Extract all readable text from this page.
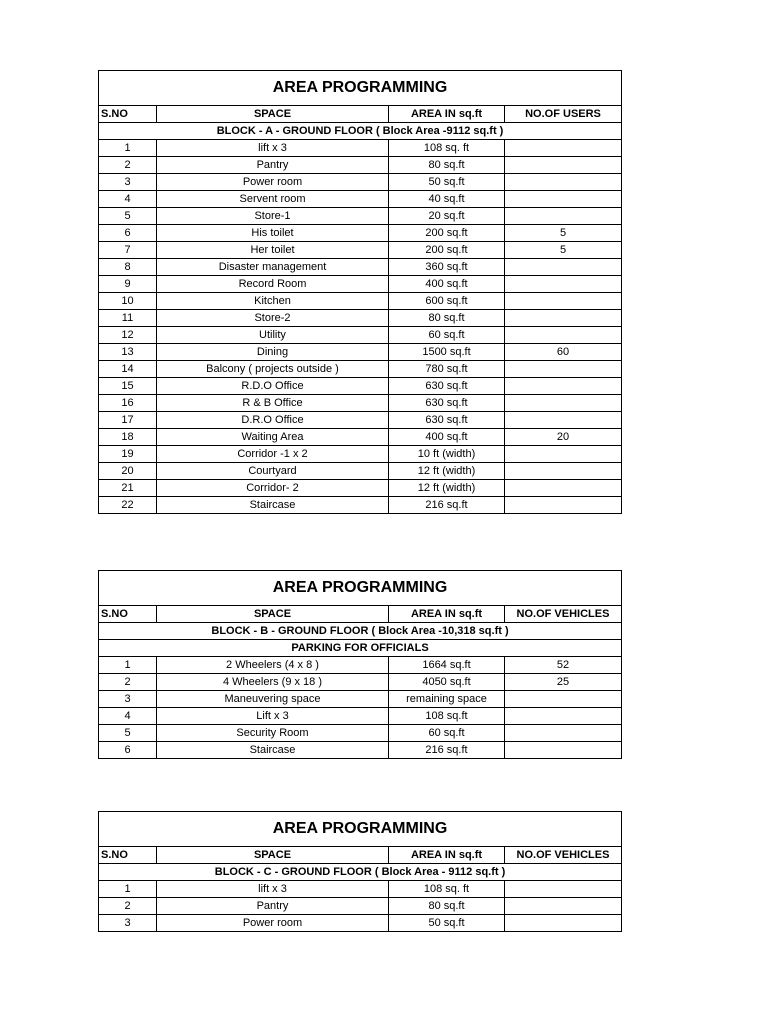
AREA PROGRAMMING			
S.NO	SPACE	AREA IN sq.ft	NO.OF USERS
BLOCK - A - GROUND FLOOR ( Block Area -9112 sq.ft )			
1	lift x 3	108 sq. ft	
2	Pantry	80 sq.ft	
3	Power room	50 sq.ft	
4	Servent room	40 sq.ft	
5	Store-1	20 sq.ft	
6	His toilet	200 sq.ft	5
7	Her toilet	200 sq.ft	5
8	Disaster management	360 sq.ft	
9	Record Room	400 sq.ft	
10	Kitchen	600 sq.ft	
11	Store-2	80 sq.ft	
12	Utility	60 sq.ft	
13	Dining	1500 sq.ft	60
14	Balcony ( projects outside )	780 sq.ft	
15	R.D.O Office	630 sq.ft	
16	R & B Office	630 sq.ft	
17	D.R.O Office	630 sq.ft	
18	Waiting Area	400 sq.ft	20
19	Corridor -1 x 2	10 ft (width)	
20	Courtyard	12 ft (width)	
21	Corridor- 2	12 ft (width)	
22	Staircase	216 sq.ft	
AREA PROGRAMMING			
S.NO	SPACE	AREA IN sq.ft	NO.OF VEHICLES
BLOCK - B - GROUND FLOOR ( Block Area -10,318 sq.ft )			
PARKING FOR OFFICIALS			
1	2 Wheelers (4 x 8 )	1664 sq.ft	52
2	4 Wheelers (9 x 18 )	4050 sq.ft	25
3	Maneuvering space	remaining space	
4	Lift x 3	108 sq.ft	
5	Security Room	60 sq.ft	
6	Staircase	216 sq.ft	
AREA PROGRAMMING			
S.NO	SPACE	AREA IN sq.ft	NO.OF VEHICLES
BLOCK - C - GROUND FLOOR ( Block Area - 9112 sq.ft )			
1	lift x 3	108 sq. ft	
2	Pantry	80 sq.ft	
3	Power room	50 sq.ft	
